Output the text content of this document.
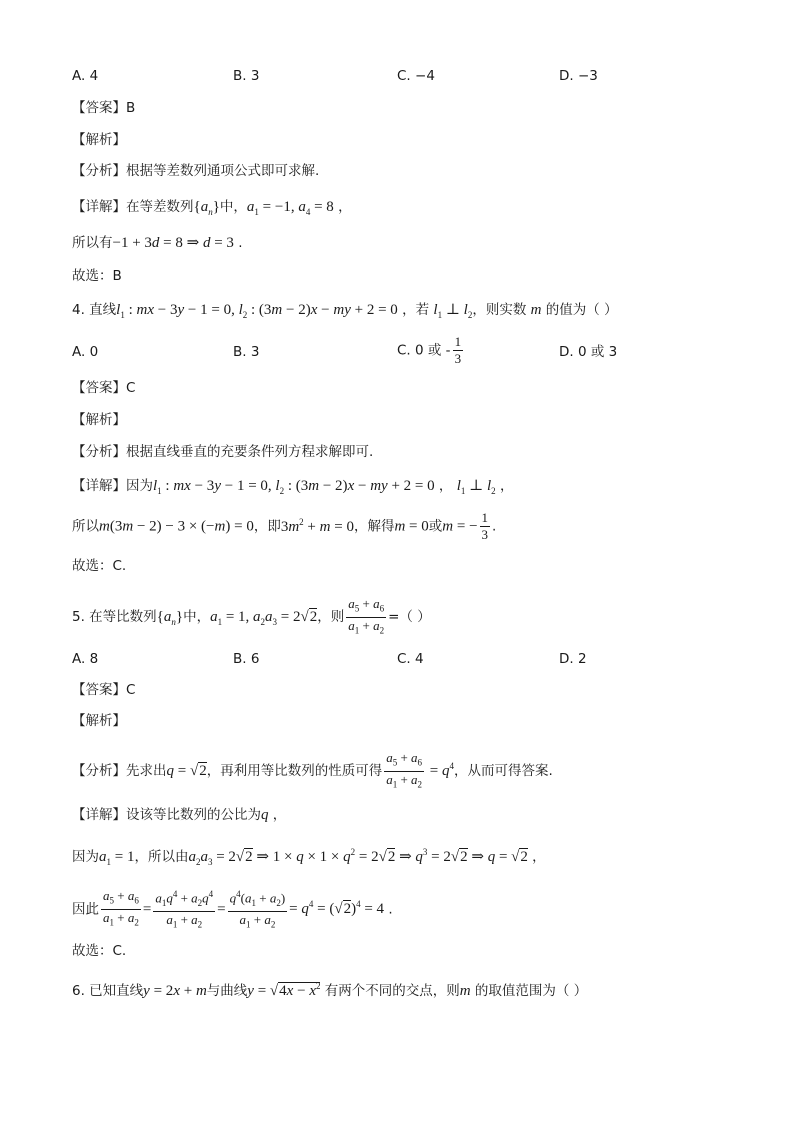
A. 4	B. 3	C. −4	D. −3
【答案】B
【解析】
【分析】根据等差数列通项公式即可求解.
【详解】在等差数列$\{a_n\}$中，$a_1 = -1$, $a_4 = 8$ ，
所以有−1 + 3d = 8 ⇒ d = 3 .
故选：B
4. 直线$l_1$ : mx − 3y − 1 = 0, $l_2$ : (3m − 2)x − my + 2 = 0 ，若 $l_1$ ⊥ $l_2$，则实数 m 的值为（ ）
A. 0	B. 3	C. 0 或 - $\frac{1}{3}$	D. 0 或 3
【答案】C
【解析】
【分析】根据直线垂直的充要条件列方程求解即可.
【详解】因为$l_1$ : mx − 3y − 1 = 0, $l_2$ : (3m − 2)x − my + 2 = 0 ， $l_1$ ⊥ $l_2$ ，
所以m(3m − 2) − 3 × (−m) = 0，即$3m^2 + m = 0$，解得m = 0或m = − $\frac{1}{3}$ .
故选：C.
5. 在等比数列$\{a_n\}$中，$a_1 = 1$, $a_2a_3 = 2√2$，则 $\frac{a_5 + a_6}{a_1 + a_2}$ =（ ）
A. 8	B. 6	C. 4	D. 2
【答案】C
【解析】
【分析】先求出q = √2，再利用等比数列的性质可得 $\frac{a_5 + a_6}{a_1 + a_2} = q^4$，从而可得答案.
【详解】设该等比数列的公比为q ，
因为$a_1 = 1$，所以由$a_2a_3 = 2√2$ ⇒ $1 \times q \times 1 \times q^2 = 2√2$ ⇒ $q^3 = 2√2$ ⇒ q = √2 ，
因此 $\frac{a_5 + a_6}{a_1 + a_2} = \frac{a_1q^4 + a_2q^4}{a_1 + a_2} = \frac{q^4(a_1 + a_2)}{a_1 + a_2} = q^4 = (√2)^4 = 4$ .
故选：C.
6. 已知直线y = 2x + m与曲线$y = √4x - x^2$ 有两个不同的交点，则m 的取值范围为（ ）
